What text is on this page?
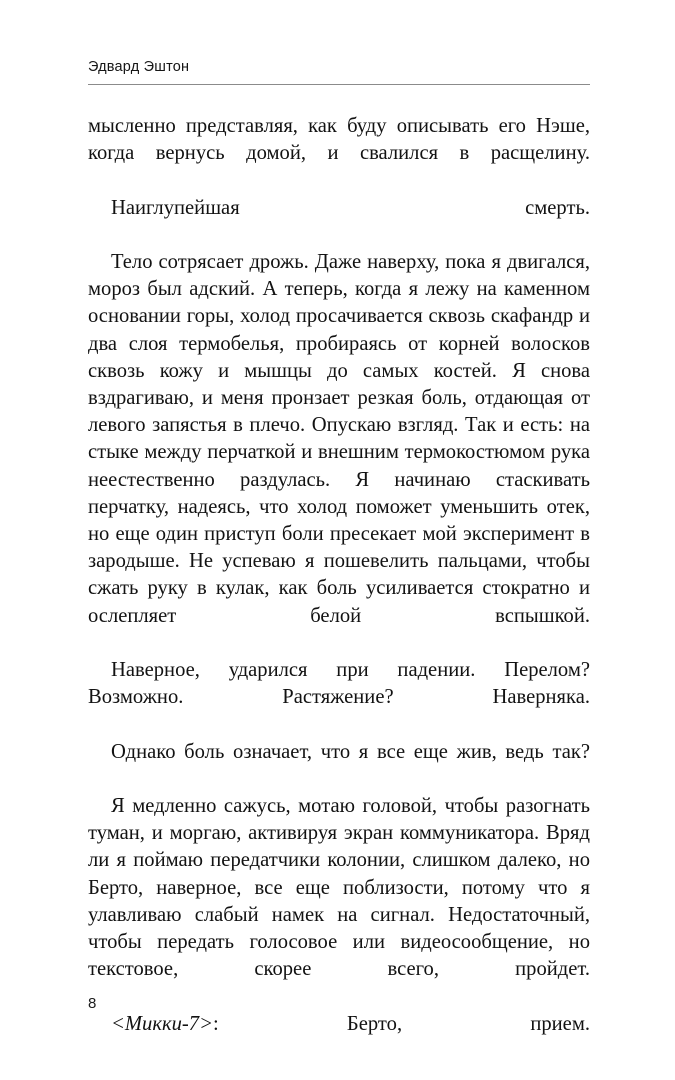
Эдвард Эштон

мысленно представляя, как буду описывать его Нэше, когда вернусь домой, и свалился в расщелину.

Наиглупейшая смерть.

Тело сотрясает дрожь. Даже наверху, пока я двигался, мороз был адский. А теперь, когда я лежу на каменном основании горы, холод просачивается сквозь скафандр и два слоя термобелья, пробираясь от корней волосков сквозь кожу и мышцы до самых костей. Я снова вздрагиваю, и меня пронзает резкая боль, отдающая от левого запястья в плечо. Опускаю взгляд. Так и есть: на стыке между перчаткой и внешним термокостюмом рука неестественно раздулась. Я начинаю стаскивать перчатку, надеясь, что холод поможет уменьшить отек, но еще один приступ боли пресекает мой эксперимент в зародыше. Не успеваю я пошевелить пальцами, чтобы сжать руку в кулак, как боль усиливается стократно и ослепляет белой вспышкой.

Наверное, ударился при падении. Перелом? Возможно. Растяжение? Наверняка.

Однако боль означает, что я все еще жив, ведь так?

Я медленно сажусь, мотаю головой, чтобы разогнать туман, и моргаю, активируя экран коммуникатора. Вряд ли я поймаю передатчики колонии, слишком далеко, но Берто, наверное, все еще поблизости, потому что я улавливаю слабый намек на сигнал. Недостаточный, чтобы передать голосовое или видеосообщение, но текстовое, скорее всего, пройдет.

<Микки-7>: Берто, прием.

8
